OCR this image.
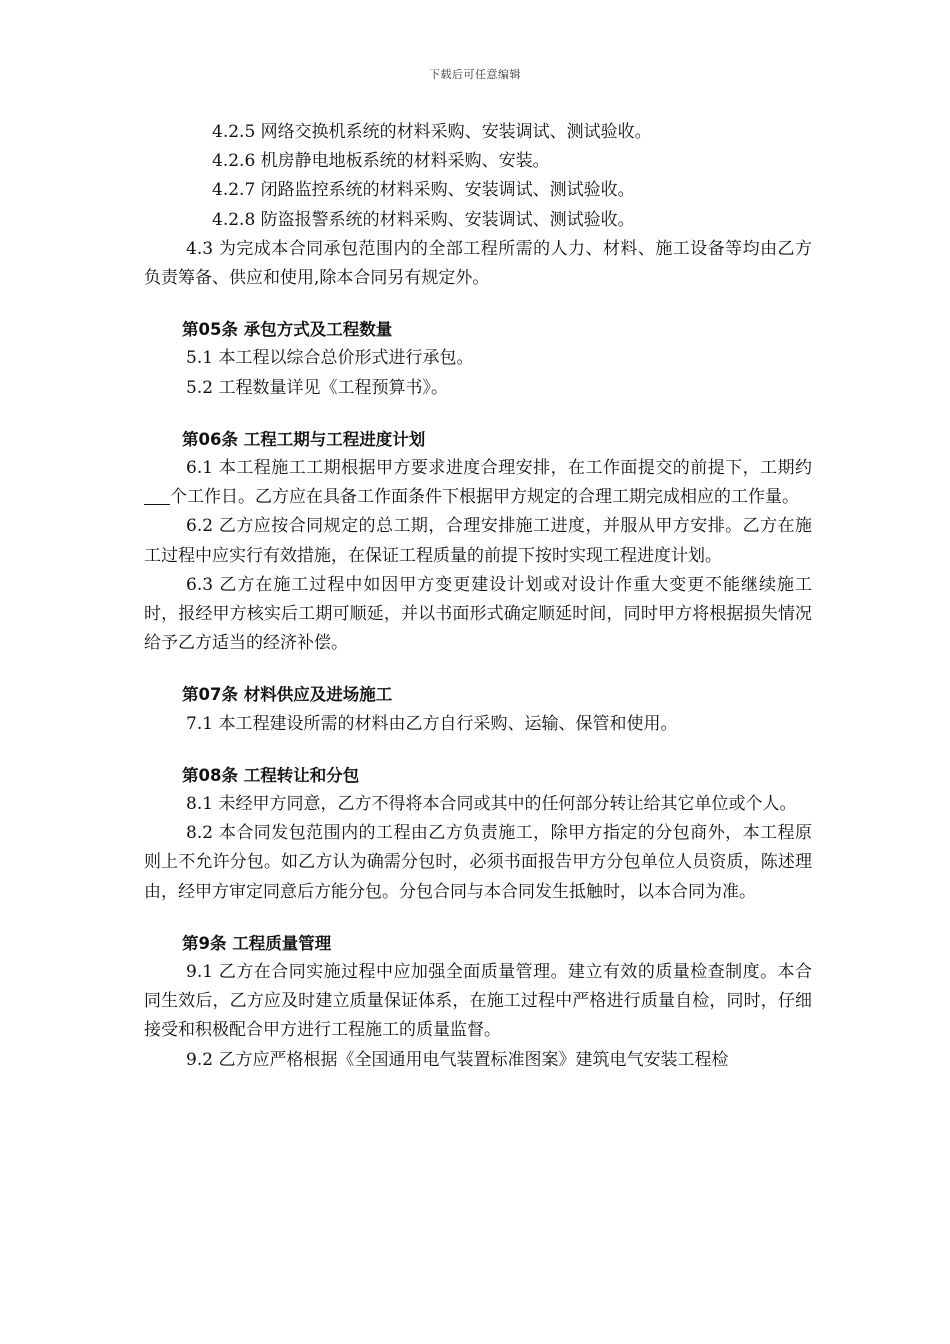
下载后可任意编辑

4.2.5 网络交换机系统的材料采购、安装调试、测试验收。

4.2.6 机房静电地板系统的材料采购、安装。

4.2.7 闭路监控系统的材料采购、安装调试、测试验收。

4.2.8 防盗报警系统的材料采购、安装调试、测试验收。

4.3 为完成本合同承包范围内的全部工程所需的人力、材料、施工设备等均由乙方负责筹备、供应和使用,除本合同另有规定外。

第05条 承包方式及工程数量

5.1 本工程以综合总价形式进行承包。

5.2 工程数量详见《工程预算书》。

第06条 工程工期与工程进度计划

6.1 本工程施工工期根据甲方要求进度合理安排，在工作面提交的前提下，工期约个工作日。乙方应在具备工作面条件下根据甲方规定的合理工期完成相应的工作量。

6.2 乙方应按合同规定的总工期，合理安排施工进度，并服从甲方安排。乙方在施工过程中应实行有效措施，在保证工程质量的前提下按时实现工程进度计划。

6.3 乙方在施工过程中如因甲方变更建设计划或对设计作重大变更不能继续施工时，报经甲方核实后工期可顺延，并以书面形式确定顺延时间，同时甲方将根据损失情况给予乙方适当的经济补偿。

第07条 材料供应及进场施工

7.1 本工程建设所需的材料由乙方自行采购、运输、保管和使用。

第08条 工程转让和分包

8.1 未经甲方同意，乙方不得将本合同或其中的任何部分转让给其它单位或个人。

8.2 本合同发包范围内的工程由乙方负责施工，除甲方指定的分包商外，本工程原则上不允许分包。如乙方认为确需分包时，必须书面报告甲方分包单位人员资质，陈述理由，经甲方审定同意后方能分包。分包合同与本合同发生抵触时，以本合同为准。

第9条 工程质量管理

9.1 乙方在合同实施过程中应加强全面质量管理。建立有效的质量检查制度。本合同生效后，乙方应及时建立质量保证体系，在施工过程中严格进行质量自检，同时，仔细接受和积极配合甲方进行工程施工的质量监督。

9.2 乙方应严格根据《全国通用电气装置标准图案》建筑电气安装工程检
